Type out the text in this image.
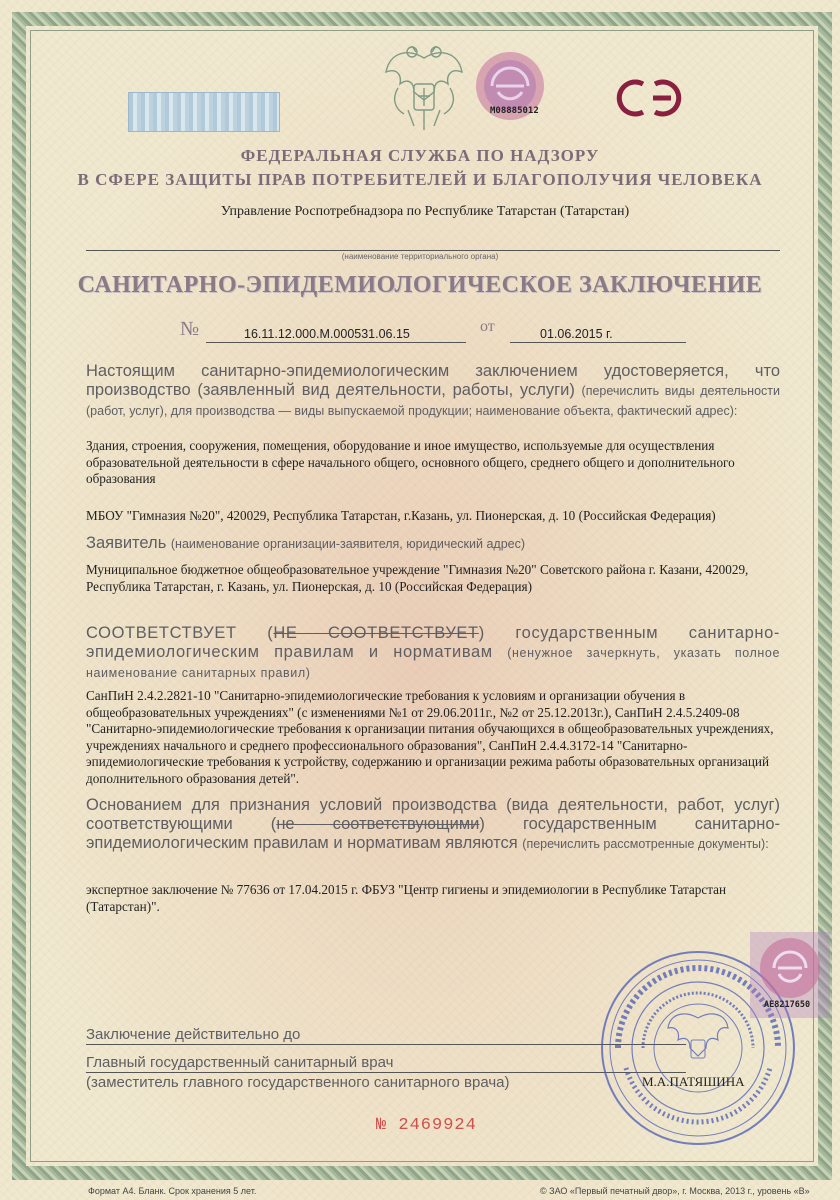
M08885012
ФЕДЕРАЛЬНАЯ СЛУЖБА ПО НАДЗОРУ
В СФЕРЕ ЗАЩИТЫ ПРАВ ПОТРЕБИТЕЛЕЙ И БЛАГОПОЛУЧИЯ ЧЕЛОВЕКА
Управление Роспотребнадзора по Республике Татарстан (Татарстан)
(наименование территориального органа)
САНИТАРНО-ЭПИДЕМИОЛОГИЧЕСКОЕ ЗАКЛЮЧЕНИЕ
№	16.11.12.000.М.000531.06.15	от	01.06.2015 г.
Настоящим санитарно-эпидемиологическим заключением удостоверяется, что производство (заявленный вид деятельности, работы, услуги) (перечислить виды деятельности (работ, услуг), для производства — виды выпускаемой продукции; наименование объекта, фактический адрес):
Здания, строения, сооружения, помещения, оборудование и иное имущество, используемые для осуществления образовательной деятельности в сфере начального общего, основного общего, среднего общего и дополнительного образования
МБОУ "Гимназия №20", 420029, Республика Татарстан, г.Казань, ул. Пионерская, д. 10 (Российская Федерация)
Заявитель (наименование организации-заявителя, юридический адрес)
Муниципальное бюджетное общеобразовательное учреждение "Гимназия №20" Советского района г. Казани, 420029, Республика Татарстан, г. Казань, ул. Пионерская, д. 10 (Российская Федерация)
СООТВЕТСТВУЕТ (НЕ СООТВЕТСТВУЕТ) государственным санитарно-эпидемиологическим правилам и нормативам (ненужное зачеркнуть, указать полное наименование санитарных правил)
СанПиН 2.4.2.2821-10 "Санитарно-эпидемиологические требования к условиям и организации обучения в общеобразовательных учреждениях" (с изменениями №1 от 29.06.2011г., №2 от 25.12.2013г.), СанПиН 2.4.5.2409-08 "Санитарно-эпидемиологические требования к организации питания обучающихся в общеобразовательных учреждениях, учреждениях начального и среднего профессионального образования", СанПиН 2.4.4.3172-14 "Санитарно-эпидемиологические требования к устройству, содержанию и организации режима работы образовательных организаций дополнительного образования детей".
Основанием для признания условий производства (вида деятельности, работ, услуг) соответствующими (не соответствующими) государственным санитарно-эпидемиологическим правилам и нормативам являются (перечислить рассмотренные документы):
экспертное заключение № 77636 от 17.04.2015 г. ФБУЗ "Центр гигиены и эпидемиологии в Республике Татарстан (Татарстан)".
Заключение действительно до
Главный государственный санитарный врач
(заместитель главного государственного санитарного врача)
AE8217650
М.А.ПАТЯШИНА
№ 2469924
Формат А4. Бланк. Срок хранения 5 лет.	© ЗАО «Первый печатный двор», г. Москва, 2013 г., уровень «В»
